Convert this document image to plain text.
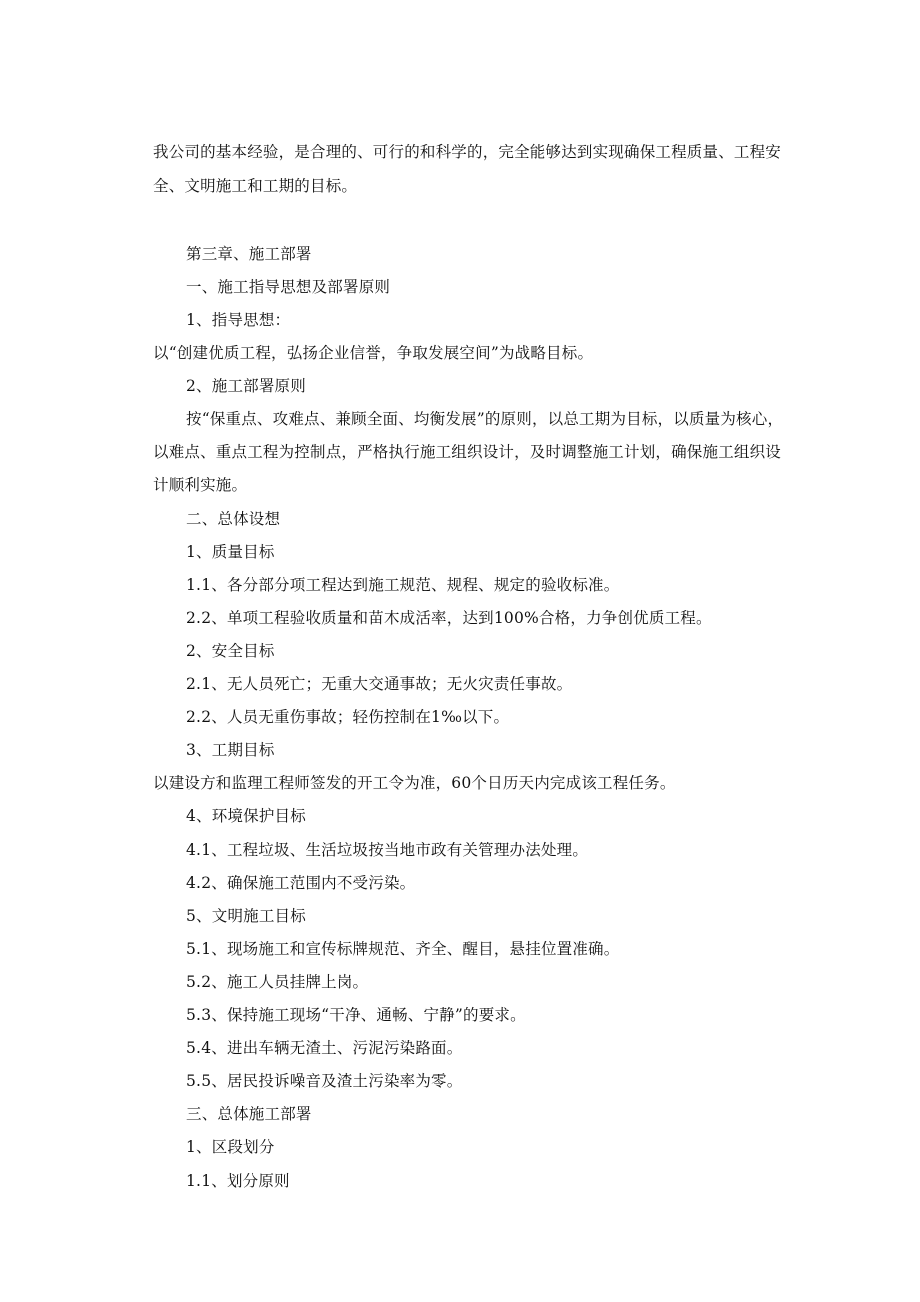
我公司的基本经验，是合理的、可行的和科学的，完全能够达到实现确保工程质量、工程安
全、文明施工和工期的目标。
第三章、施工部署
一、施工指导思想及部署原则
1、指导思想：
以“创建优质工程，弘扬企业信誉，争取发展空间”为战略目标。
2、施工部署原则
按“保重点、攻难点、兼顾全面、均衡发展”的原则，以总工期为目标，以质量为核心，
以难点、重点工程为控制点，严格执行施工组织设计，及时调整施工计划，确保施工组织设
计顺利实施。
二、总体设想
1、质量目标
1.1、各分部分项工程达到施工规范、规程、规定的验收标准。
2.2、单项工程验收质量和苗木成活率，达到100%合格，力争创优质工程。
2、安全目标
2.1、无人员死亡；无重大交通事故；无火灾责任事故。
2.2、人员无重伤事故；轻伤控制在1‰以下。
3、工期目标
以建设方和监理工程师签发的开工令为准，60个日历天内完成该工程任务。
4、环境保护目标
4.1、工程垃圾、生活垃圾按当地市政有关管理办法处理。
4.2、确保施工范围内不受污染。
5、文明施工目标
5.1、现场施工和宣传标牌规范、齐全、醒目，悬挂位置准确。
5.2、施工人员挂牌上岗。
5.3、保持施工现场“干净、通畅、宁静”的要求。
5.4、进出车辆无渣土、污泥污染路面。
5.5、居民投诉噪音及渣土污染率为零。
三、总体施工部署
1、区段划分
1.1、划分原则
